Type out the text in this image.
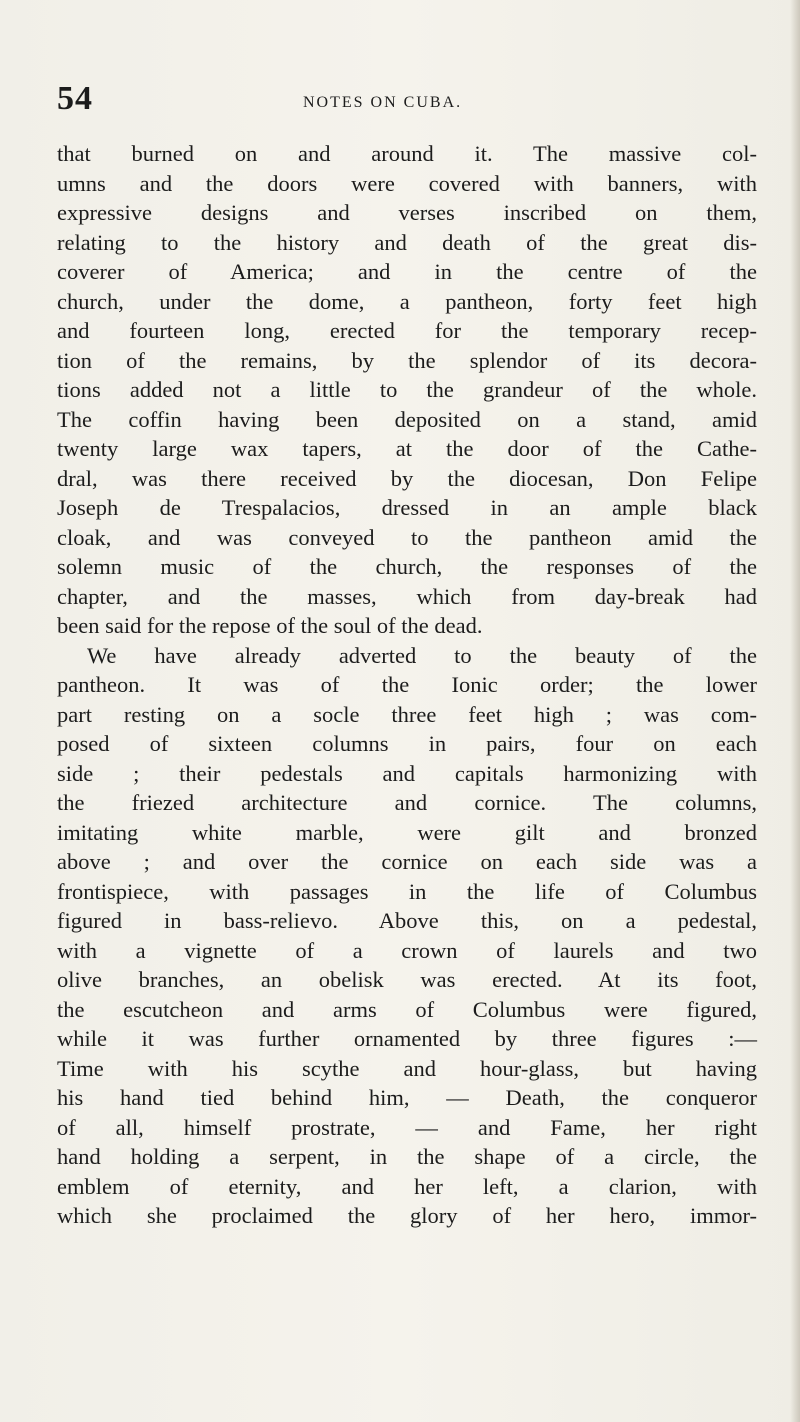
54	NOTES ON CUBA.
that burned on and around it. The massive col-
umns and the doors were covered with banners, with
expressive designs and verses inscribed on them,
relating to the history and death of the great dis-
coverer of America; and in the centre of the
church, under the dome, a pantheon, forty feet high
and fourteen long, erected for the temporary recep-
tion of the remains, by the splendor of its decora-
tions added not a little to the grandeur of the whole.
The coffin having been deposited on a stand, amid
twenty large wax tapers, at the door of the Cathe-
dral, was there received by the diocesan, Don Felipe
Joseph de Trespalacios, dressed in an ample black
cloak, and was conveyed to the pantheon amid the
solemn music of the church, the responses of the
chapter, and the masses, which from day-break had
been said for the repose of the soul of the dead.
We have already adverted to the beauty of the
pantheon. It was of the Ionic order; the lower
part resting on a socle three feet high ; was com-
posed of sixteen columns in pairs, four on each
side ; their pedestals and capitals harmonizing with
the friezed architecture and cornice. The columns,
imitating white marble, were gilt and bronzed
above ; and over the cornice on each side was a
frontispiece, with passages in the life of Columbus
figured in bass-relievo. Above this, on a pedestal,
with a vignette of a crown of laurels and two
olive branches, an obelisk was erected. At its foot,
the escutcheon and arms of Columbus were figured,
while it was further ornamented by three figures :—
Time with his scythe and hour-glass, but having
his hand tied behind him, — Death, the conqueror
of all, himself prostrate, — and Fame, her right
hand holding a serpent, in the shape of a circle, the
emblem of eternity, and her left, a clarion, with
which she proclaimed the glory of her hero, immor-
